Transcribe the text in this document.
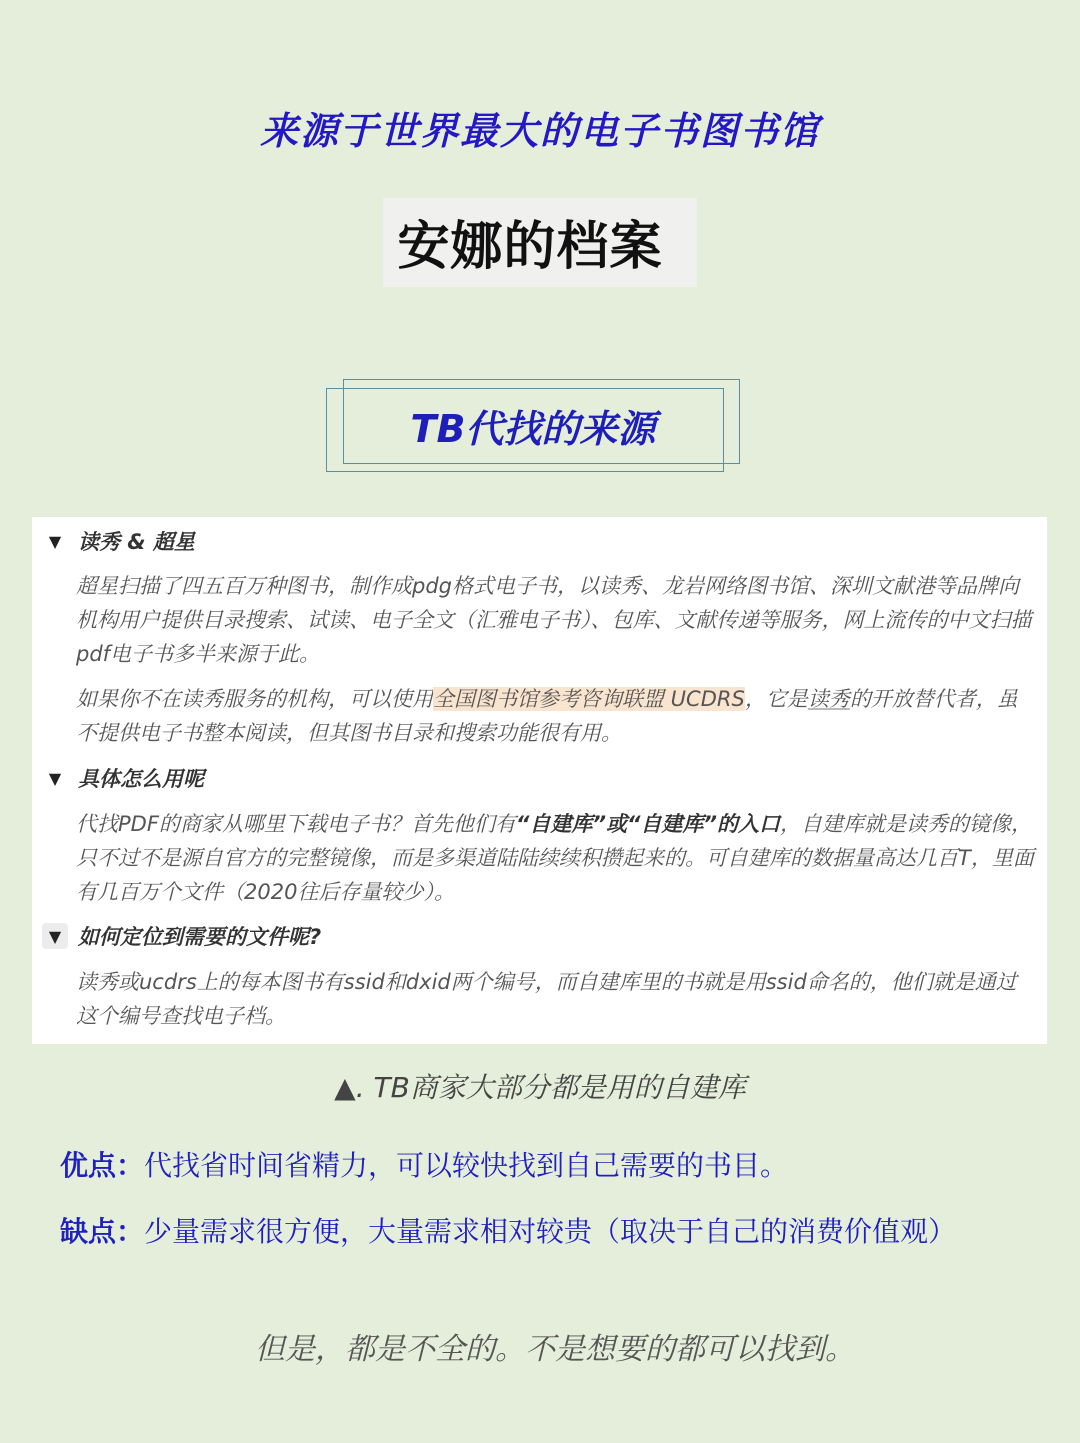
来源于世界最大的电子书图书馆
安娜的档案
TB代找的来源
▼ 读秀 & 超星
超星扫描了四五百万种图书，制作成pdg格式电子书，以读秀、龙岩网络图书馆、深圳文献港等品牌向机构用户提供目录搜索、试读、电子全文（汇雅电子书）、包库、文献传递等服务，网上流传的中文扫描pdf电子书多半来源于此。
如果你不在读秀服务的机构，可以使用全国图书馆参考咨询联盟 UCDRS，它是读秀的开放替代者，虽不提供电子书整本阅读，但其图书目录和搜索功能很有用。
▼ 具体怎么用呢
代找PDF的商家从哪里下载电子书？首先他们有“自建库”或“自建库”的入口，自建库就是读秀的镜像，只不过不是源自官方的完整镜像，而是多渠道陆陆续续积攒起来的。可自建库的数据量高达几百T，里面有几百万个文件（2020往后存量较少）。
▼ 如何定位到需要的文件呢?
读秀或ucdrs上的每本图书有ssid和dxid两个编号，而自建库里的书就是用ssid命名的，他们就是通过这个编号查找电子档。
▲. TB商家大部分都是用的自建库
优点：代找省时间省精力，可以较快找到自己需要的书目。
缺点：少量需求很方便，大量需求相对较贵（取决于自己的消费价值观）
但是，都是不全的。不是想要的都可以找到。
